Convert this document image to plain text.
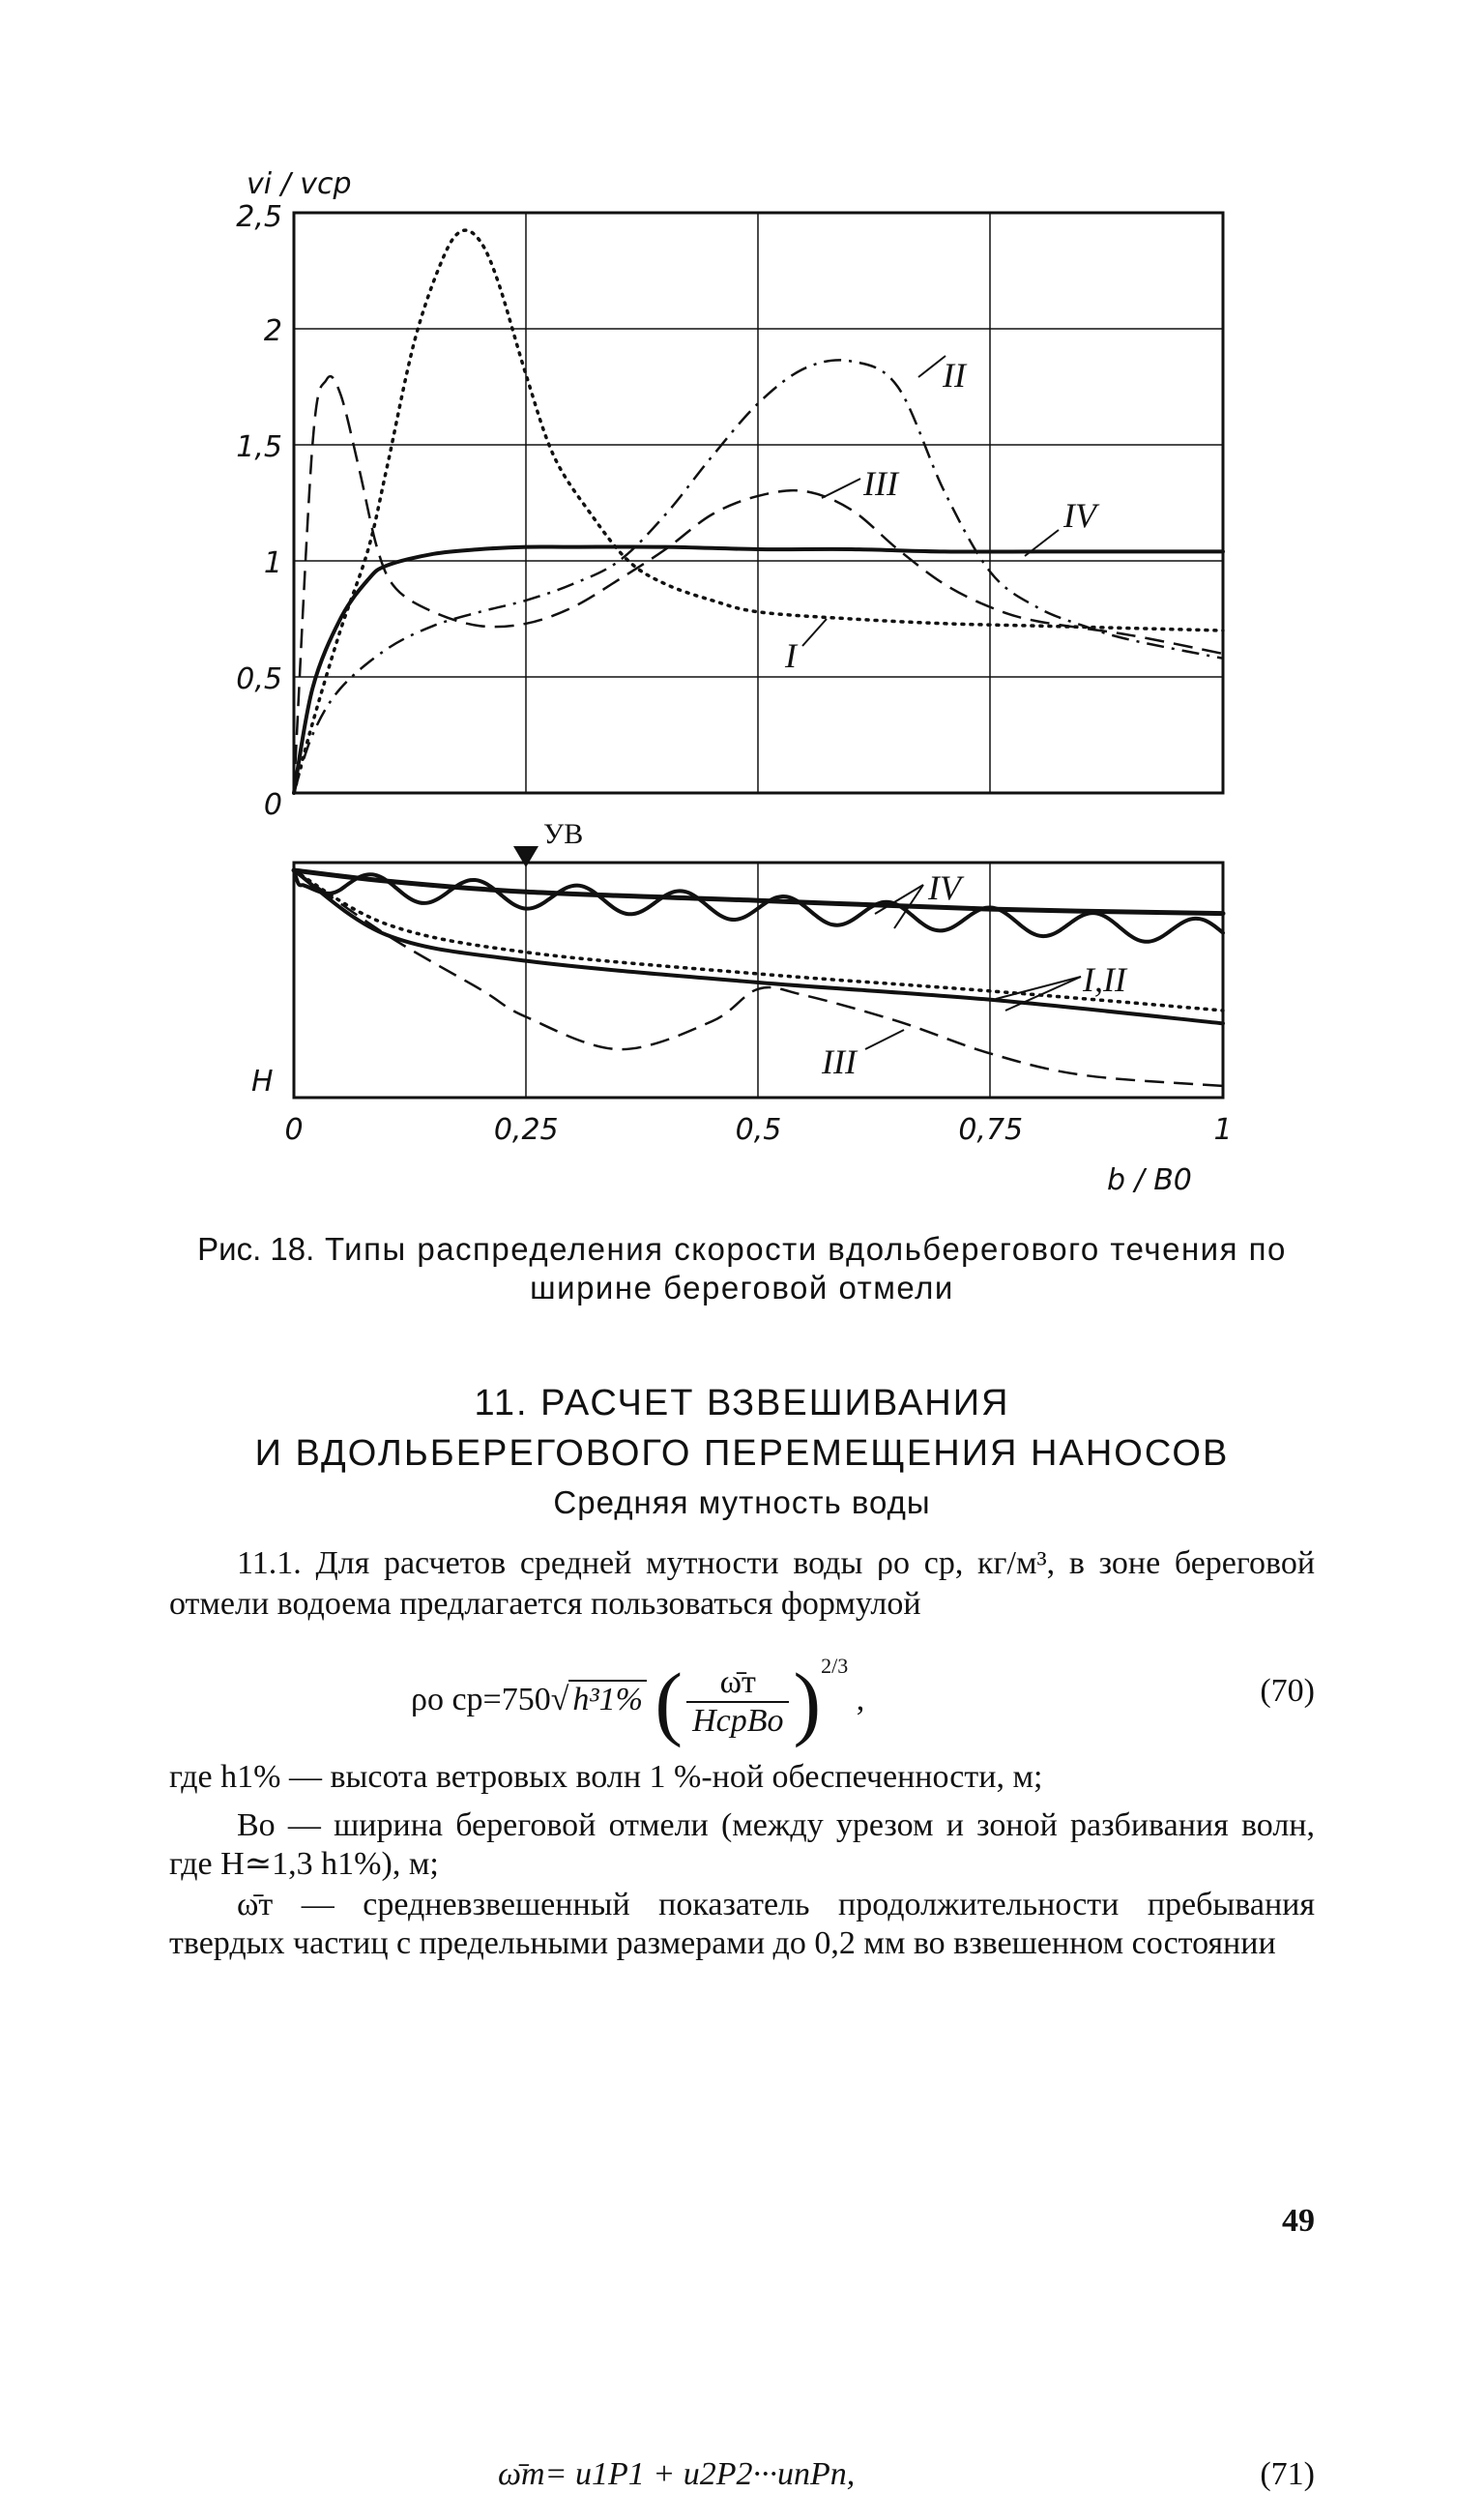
УВ
vi / vcp
2,5
2
1,5
1
0,5
0
H
0	0,25	0,5	0,75	1
b / B0
I
II
III
IV
IV
I,II
III
Рис. 18. Типы распределения скорости вдольберегового течения по ширине береговой отмели
11. РАСЧЕТ ВЗВЕШИВАНИЯ
И ВДОЛЬБЕРЕГОВОГО ПЕРЕМЕЩЕНИЯ НАНОСОВ
Средняя мутность воды
11.1. Для расчетов средней мутности воды ρo cp, кг/м³, в зоне береговой отмели водоема предлагается пользоваться формулой
ρo cp=750√ h³1% ( $\frac{\omegāт}{\text{HcpBo}} )^{2/3}$ ,	(70)
где h1% — высота ветровых волн 1 %-ной обеспеченности, м;
Bo — ширина береговой отмели (между урезом и зоной разбивания волн, где H≃1,3 h1%), м;
ω̄т — средневзвешенный показатель продолжительности пребывания твердых частиц с предельными размерами до 0,2 мм во взвешенном состоянии
ω̄т= u1P1 + u2P2···unPn,	(71)
49
